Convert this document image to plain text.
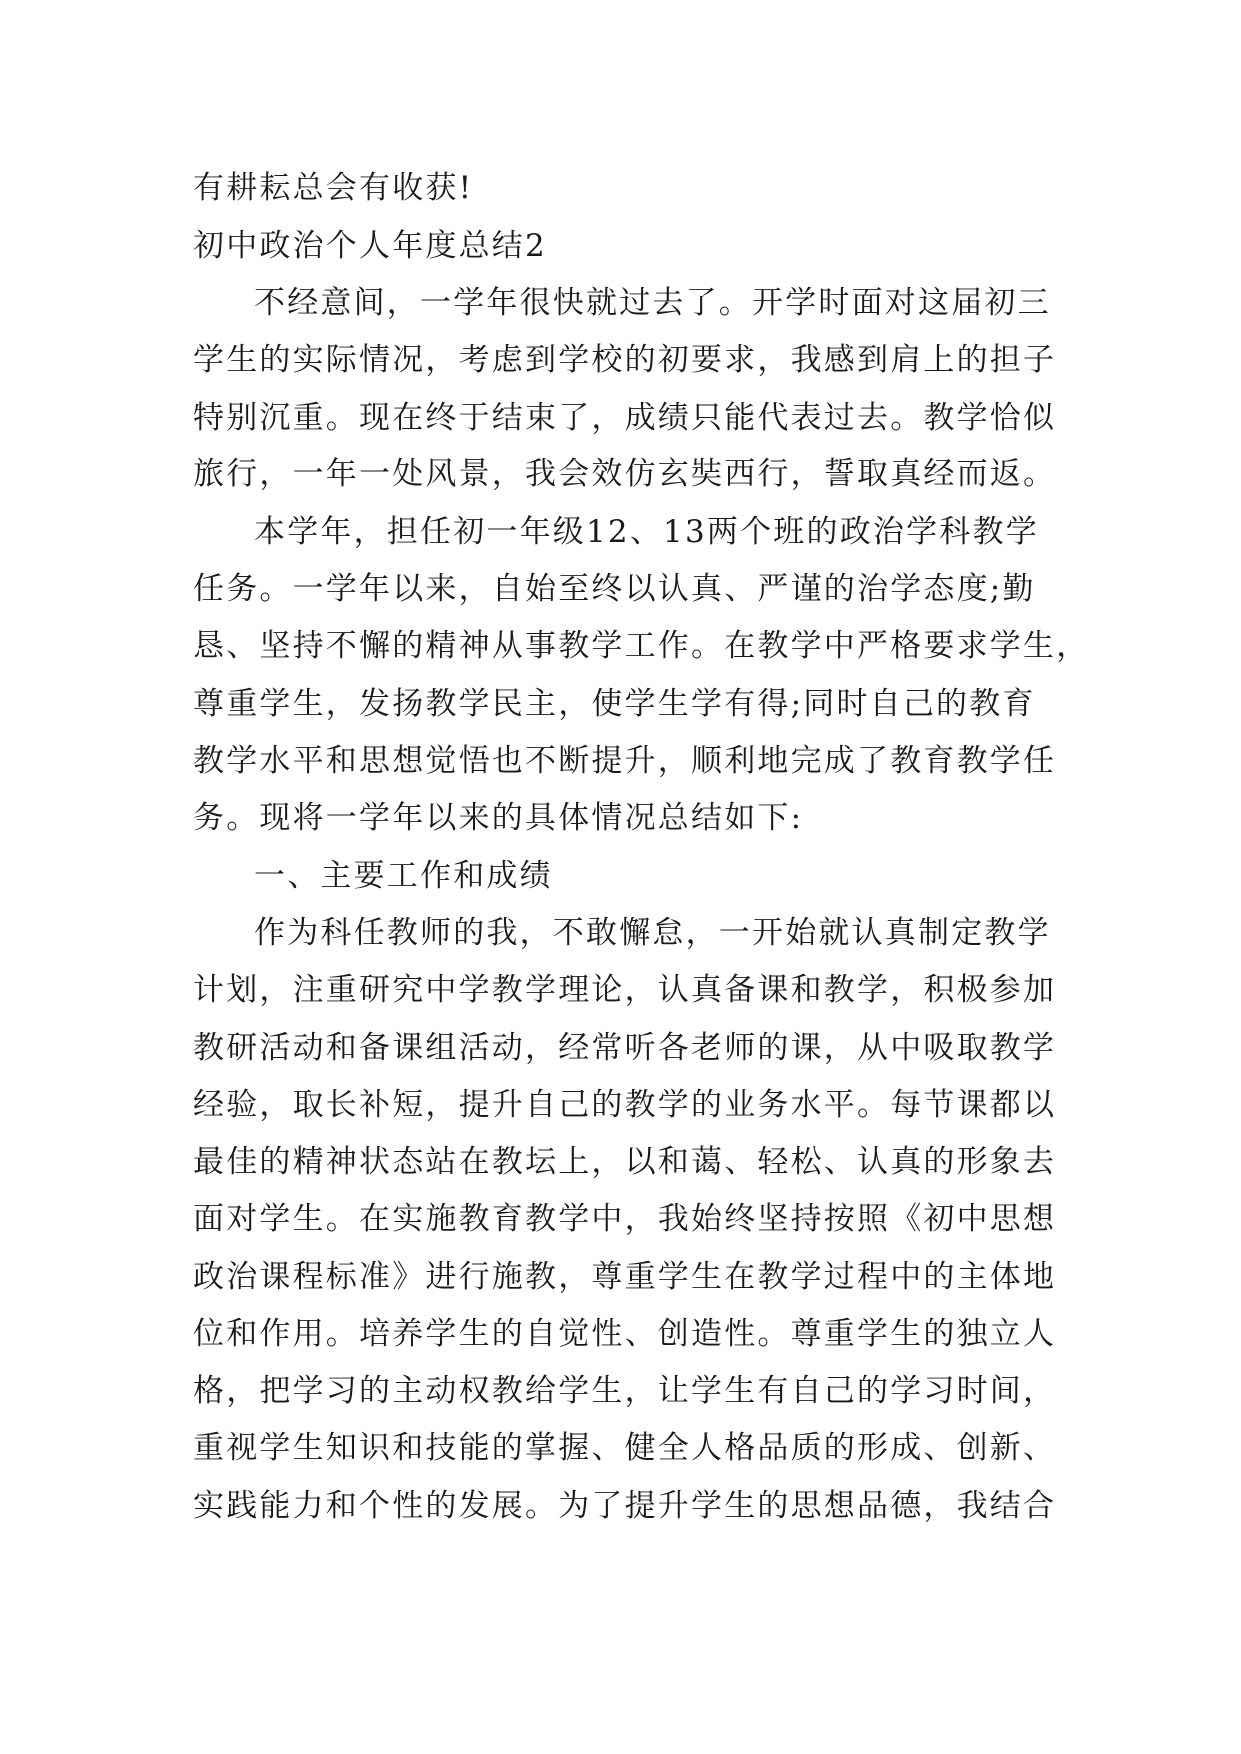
有耕耘总会有收获!
初中政治个人年度总结2
不经意间，一学年很快就过去了。开学时面对这届初三
学生的实际情况，考虑到学校的初要求，我感到肩上的担子
特别沉重。现在终于结束了，成绩只能代表过去。教学恰似
旅行，一年一处风景，我会效仿玄奘西行，誓取真经而返。
本学年，担任初一年级12、13两个班的政治学科教学
任务。一学年以来，自始至终以认真、严谨的治学态度;勤
恳、坚持不懈的精神从事教学工作。在教学中严格要求学生，
尊重学生，发扬教学民主，使学生学有得;同时自己的教育
教学水平和思想觉悟也不断提升，顺利地完成了教育教学任
务。现将一学年以来的具体情况总结如下:
一、主要工作和成绩
作为科任教师的我，不敢懈怠，一开始就认真制定教学
计划，注重研究中学教学理论，认真备课和教学，积极参加
教研活动和备课组活动，经常听各老师的课，从中吸取教学
经验，取长补短，提升自己的教学的业务水平。每节课都以
最佳的精神状态站在教坛上，以和蔼、轻松、认真的形象去
面对学生。在实施教育教学中，我始终坚持按照《初中思想
政治课程标准》进行施教，尊重学生在教学过程中的主体地
位和作用。培养学生的自觉性、创造性。尊重学生的独立人
格，把学习的主动权教给学生，让学生有自己的学习时间，
重视学生知识和技能的掌握、健全人格品质的形成、创新、
实践能力和个性的发展。为了提升学生的思想品德，我结合
